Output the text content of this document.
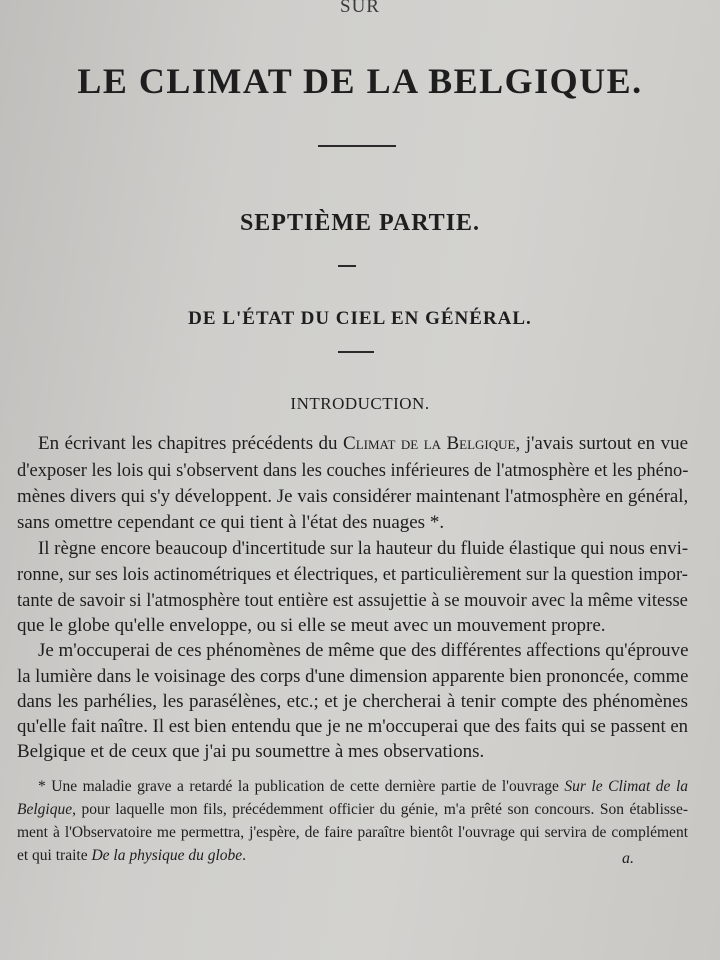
SUR
LE CLIMAT DE LA BELGIQUE.
SEPTIÈME PARTIE.
DE L'ÉTAT DU CIEL EN GÉNÉRAL.
INTRODUCTION.
En écrivant les chapitres précédents du Climat de la Belgique, j'avais surtout en vue
d'exposer les lois qui s'observent dans les couches inférieures de l'atmosphère et les phéno-
mènes divers qui s'y développent. Je vais considérer maintenant l'atmosphère en général,
sans omettre cependant ce qui tient à l'état des nuages *.
Il règne encore beaucoup d'incertitude sur la hauteur du fluide élastique qui nous envi-
ronne, sur ses lois actinométriques et électriques, et particulièrement sur la question impor-
tante de savoir si l'atmosphère tout entière est assujettie à se mouvoir avec la même vitesse
que le globe qu'elle enveloppe, ou si elle se meut avec un mouvement propre.
Je m'occuperai de ces phénomènes de même que des différentes affections qu'éprouve
la lumière dans le voisinage des corps d'une dimension apparente bien prononcée, comme
dans les parhélies, les parasélènes, etc.; et je chercherai à tenir compte des phénomènes
qu'elle fait naître. Il est bien entendu que je ne m'occuperai que des faits qui se passent en
Belgique et de ceux que j'ai pu soumettre à mes observations.
* Une maladie grave a retardé la publication de cette dernière partie de l'ouvrage Sur le Climat de la
Belgique, pour laquelle mon fils, précédemment officier du génie, m'a prêté son concours. Son établisse-
ment à l'Observatoire me permettra, j'espère, de faire paraître bientôt l'ouvrage qui servira de complément
et qui traite De la physique du globe.	a.
